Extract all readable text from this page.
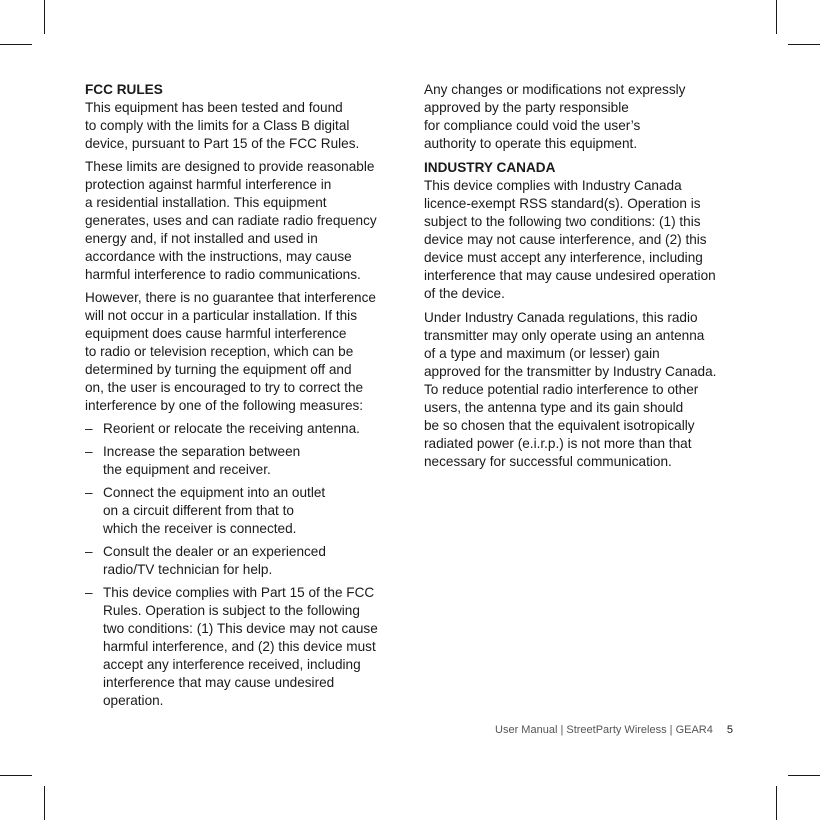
FCC RULES

This equipment has been tested and found
to comply with the limits for a Class B digital
device, pursuant to Part 15 of the FCC Rules.

These limits are designed to provide reasonable
protection against harmful interference in
a residential installation. This equipment
generates, uses and can radiate radio frequency
energy and, if not installed and used in
accordance with the instructions, may cause
harmful interference to radio communications.

However, there is no guarantee that interference
will not occur in a particular installation. If this
equipment does cause harmful interference
to radio or television reception, which can be
determined by turning the equipment off and
on, the user is encouraged to try to correct the
interference by one of the following measures:

– Reorient or relocate the receiving antenna.
– Increase the separation between
the equipment and receiver.
– Connect the equipment into an outlet
on a circuit different from that to
which the receiver is connected.
– Consult the dealer or an experienced
radio/TV technician for help.
– This device complies with Part 15 of the FCC
Rules. Operation is subject to the following
two conditions: (1) This device may not cause
harmful interference, and (2) this device must
accept any interference received, including
interference that may cause undesired
operation.

Any changes or modifications not expressly
approved by the party responsible
for compliance could void the user’s
authority to operate this equipment.

INDUSTRY CANADA

This device complies with Industry Canada
licence-exempt RSS standard(s). Operation is
subject to the following two conditions: (1) this
device may not cause interference, and (2) this
device must accept any interference, including
interference that may cause undesired operation
of the device.

Under Industry Canada regulations, this radio
transmitter may only operate using an antenna
of a type and maximum (or lesser) gain
approved for the transmitter by Industry Canada.
To reduce potential radio interference to other
users, the antenna type and its gain should
be so chosen that the equivalent isotropically
radiated power (e.i.r.p.) is not more than that
necessary for successful communication.

User Manual | StreetParty Wireless | GEAR4 5
